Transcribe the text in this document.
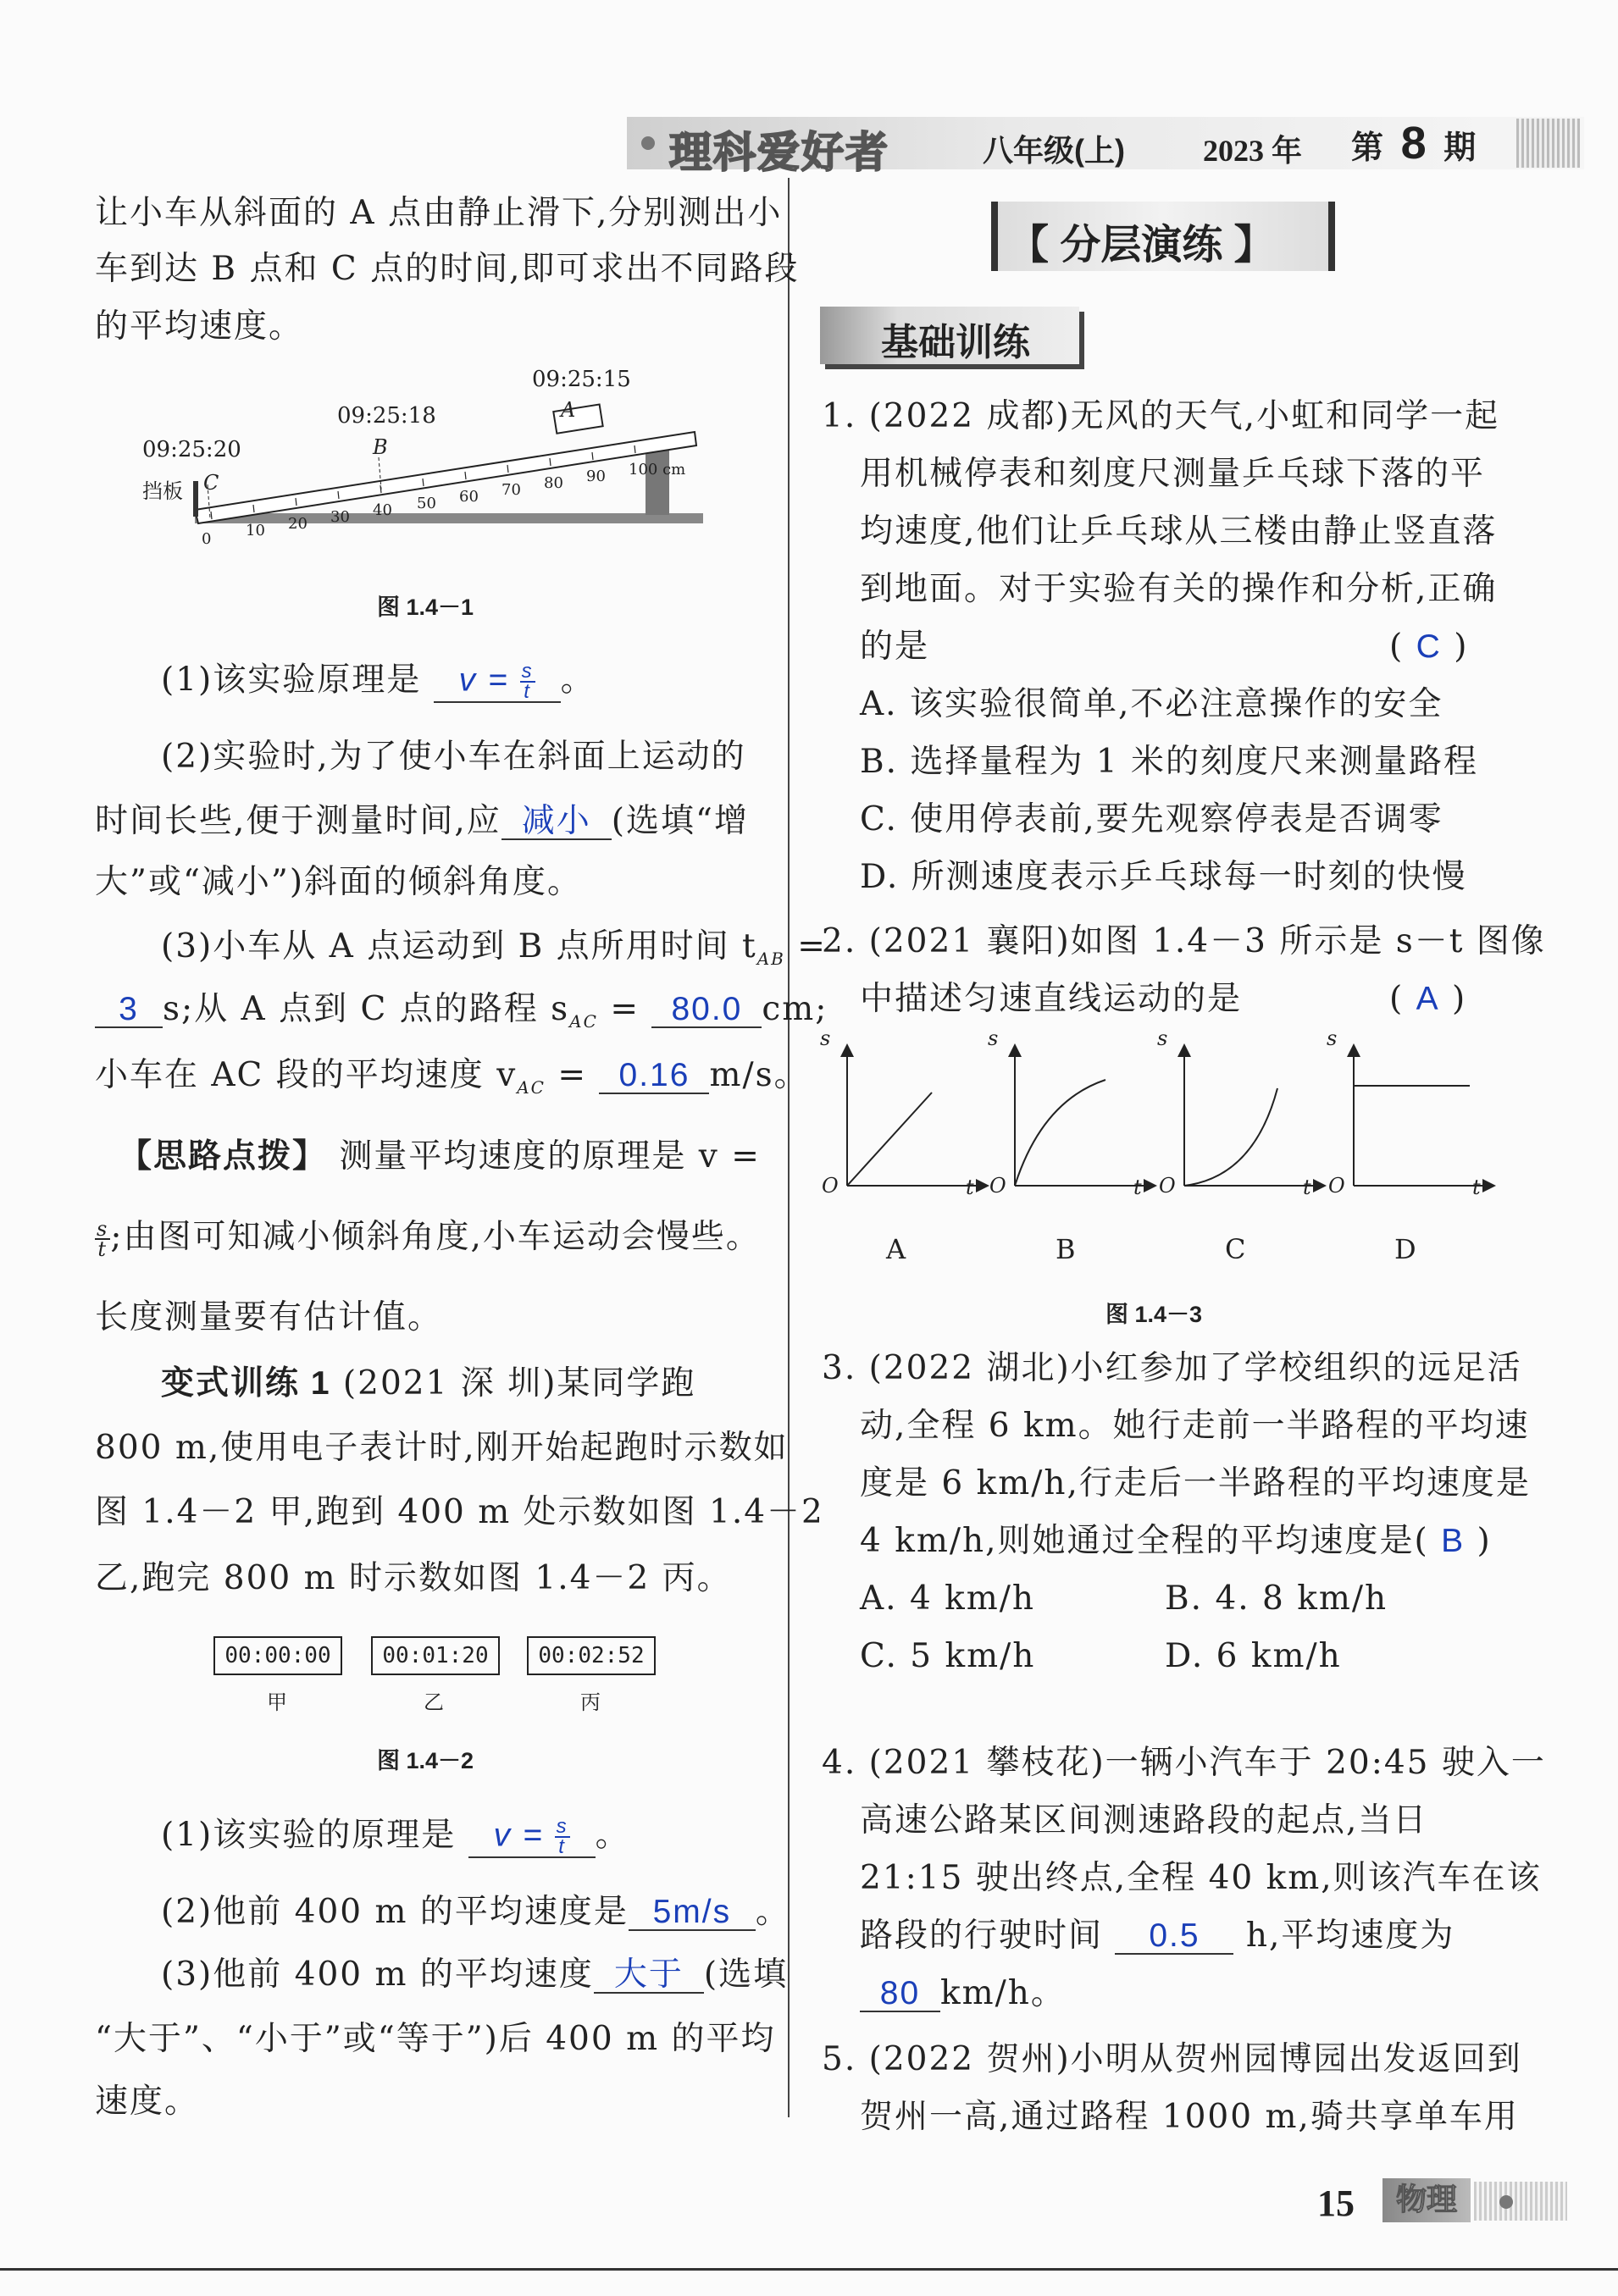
理科爱好者	八年级(上)	2023 年 第 8 期
让小车从斜面的 A 点由静止滑下,分别测出小
车到达 B 点和 C 点的时间,即可求出不同路段
的平均速度。
09:25:15
09:25:18
09:25:20
A
B
C
挡板
0 10 20 30 40 50 60 70 80 90 100 cm
图 1.4－1
(1)该实验原理是 $v = \frac{s}{t}$ 。
(2)实验时,为了使小车在斜面上运动的
时间长些,便于测量时间,应 减小 (选填“增
大”或“减小”)斜面的倾斜角度。
(3)小车从 A 点运动到 B 点所用时间 $t_{AB}$ =
3 s;从 A 点到 C 点的路程 $s_{AC} = 80.0$ cm;
小车在 AC 段的平均速度 $v_{AC} = 0.16$ m/s。
【思路点拨】 测量平均速度的原理是 v =
$\frac{s}{t}$ ;由图可知减小倾斜角度,小车运动会慢些。
长度测量要有估计值。
变式训练 1 (2021 深 圳)某同学跑
800 m,使用电子表计时,刚开始起跑时示数如
图 1.4－2 甲,跑到 400 m 处示数如图 1.4－2
乙,跑完 800 m 时示数如图 1.4－2 丙。
00:00:00	00:01:20	00:02:52
甲	乙	丙
图 1.4－2
(1)该实验的原理是 $v = \frac{s}{t}$ 。
(2)他前 400 m 的平均速度是 5m/s 。
(3)他前 400 m 的平均速度 大于 (选填
“大于”、“小于”或“等于”)后 400 m 的平均
速度。
【 分层演练 】
基础训练
1. (2022 成都)无风的天气,小虹和同学一起
用机械停表和刻度尺测量乒乓球下落的平
均速度,他们让乒乓球从三楼由静止竖直落
到地面。对于实验有关的操作和分析,正确
的是	( C )
A. 该实验很简单,不必注意操作的安全
B. 选择量程为 1 米的刻度尺来测量路程
C. 使用停表前,要先观察停表是否调零
D. 所测速度表示乒乓球每一时刻的快慢
2. (2021 襄阳)如图 1.4－3 所示是 s－t 图像
中描述匀速直线运动的是	( A )
s	s	s	s
O	O	O	O
t	t	t	t
A	B	C	D
图 1.4－3
3. (2022 湖北)小红参加了学校组织的远足活
动,全程 6 km。她行走前一半路程的平均速
度是 6 km/h,行走后一半路程的平均速度是
4 km/h,则她通过全程的平均速度是( B )
A. 4 km/h	B. 4. 8 km/h
C. 5 km/h	D. 6 km/h
4. (2021 攀枝花)一辆小汽车于 20:45 驶入一
高速公路某区间测速路段的起点,当日
21:15 驶出终点,全程 40 km,则该汽车在该
路段的行驶时间 0.5 h,平均速度为
80 km/h。
5. (2022 贺州)小明从贺州园博园出发返回到
贺州一高,通过路程 1000 m,骑共享单车用
15	物理
